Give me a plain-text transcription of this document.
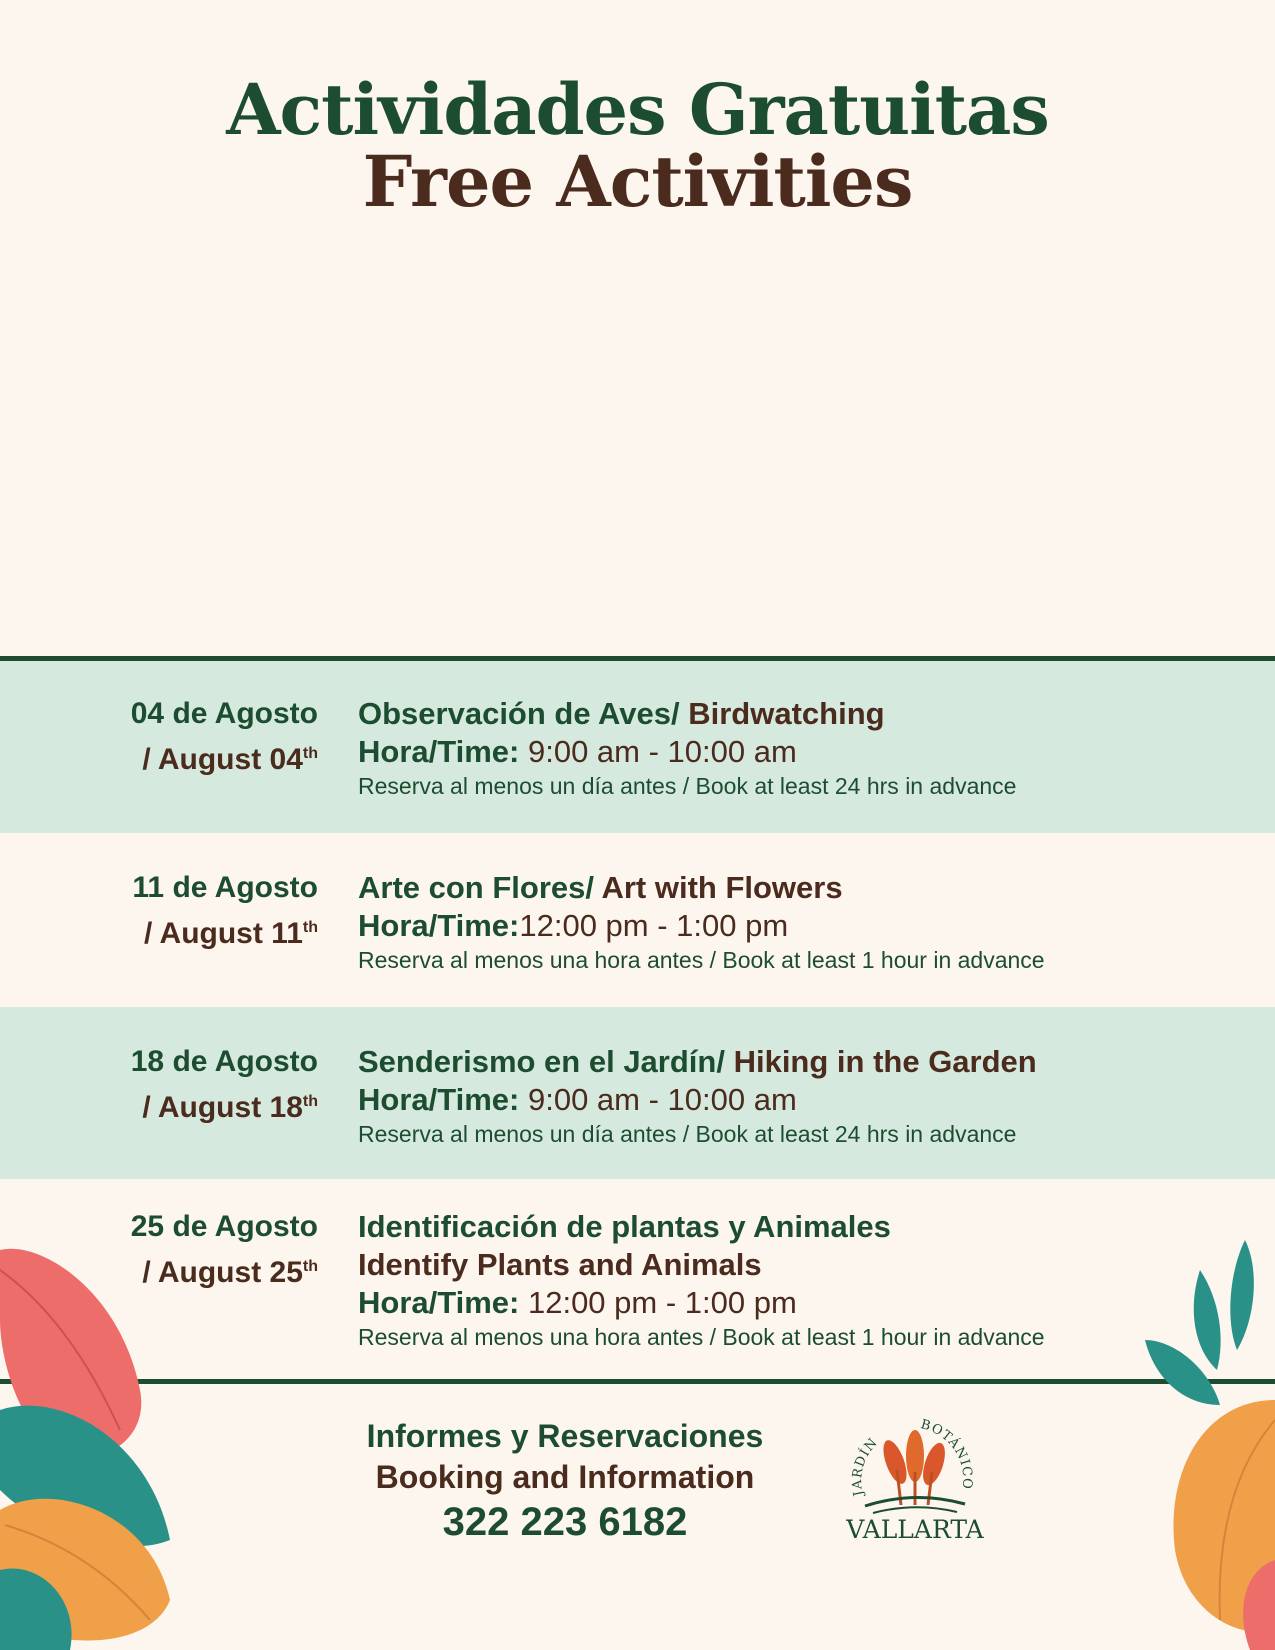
Actividades Gratuitas
Free Activities
04 de Agosto
/ August 04th
Observación de Aves/ Birdwatching
Hora/Time: 9:00 am - 10:00 am
Reserva al menos un día antes / Book at least 24 hrs in advance
11 de Agosto
/ August 11th
Arte con Flores/ Art with Flowers
Hora/Time:12:00 pm - 1:00 pm
Reserva al menos una hora antes / Book at least 1 hour in advance
18 de Agosto
/ August 18th
Senderismo en el Jardín/ Hiking in the Garden
Hora/Time: 9:00 am - 10:00 am
Reserva al menos un día antes / Book at least 24 hrs in advance
25 de Agosto
/ August 25th
Identificación de plantas y Animales
Identify Plants and Animals
Hora/Time: 12:00 pm - 1:00 pm
Reserva al menos una hora antes / Book at least 1 hour in advance
Informes y Reservaciones
Booking and Information
322 223 6182
JARDÍN
BOTÁNICO
VALLARTA
